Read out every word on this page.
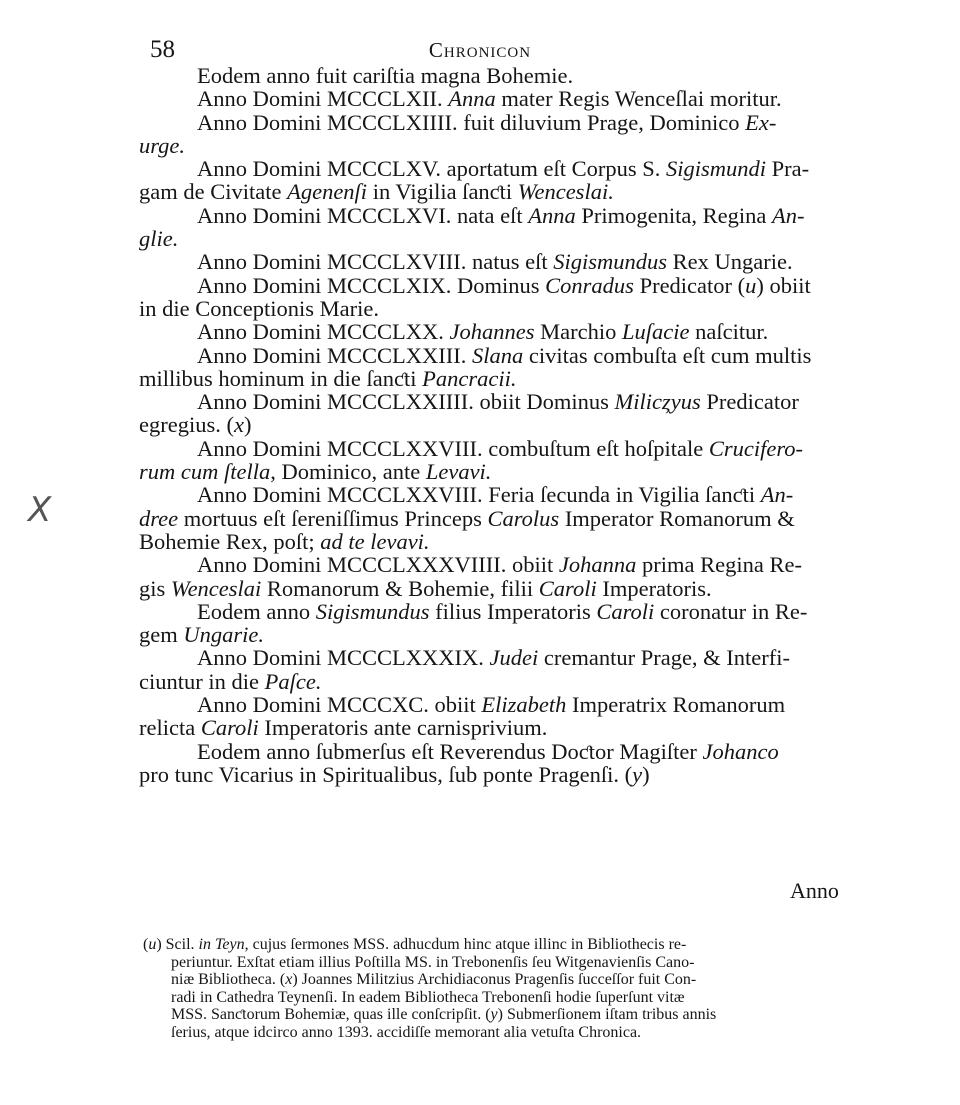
58	Chronicon
X
Eodem anno fuit cariſtia magna Bohemie.
Anno Domini MCCCLXII. Anna mater Regis Wenceſlai moritur.
Anno Domini MCCCLXIIII. fuit diluvium Prage, Dominico Ex-
urge.
Anno Domini MCCCLXV. aportatum eſt Corpus S. Sigismundi Pra-
gam de Civitate Agenenſi in Vigilia ſanƈti Wenceslai.
Anno Domini MCCCLXVI. nata eſt Anna Primogenita, Regina An-
glie.
Anno Domini MCCCLXVIII. natus eſt Sigismundus Rex Ungarie.
Anno Domini MCCCLXIX. Dominus Conradus Predicator (u) obiit
in die Conceptionis Marie.
Anno Domini MCCCLXX. Johannes Marchio Luſacie naſcitur.
Anno Domini MCCCLXXIII. Slana civitas combuſta eſt cum multis
millibus hominum in die ſanƈti Pancracii.
Anno Domini MCCCLXXIIII. obiit Dominus Milicȥyus Predicator
egregius. (x)
Anno Domini MCCCLXXVIII. combuſtum eſt hoſpitale Crucifero-
rum cum ſtella, Dominico, ante Levavi.
Anno Domini MCCCLXXVIII. Feria ſecunda in Vigilia ſanƈti An-
dree mortuus eſt ſereniſſimus Princeps Carolus Imperator Romanorum &
Bohemie Rex, poſt; ad te levavi.
Anno Domini MCCCLXXXVIIII. obiit Johanna prima Regina Re-
gis Wenceslai Romanorum & Bohemie, filii Caroli Imperatoris.
Eodem anno Sigismundus filius Imperatoris Caroli coronatur in Re-
gem Ungarie.
Anno Domini MCCCLXXXIX. Judei cremantur Prage, & Interfi-
ciuntur in die Paſce.
Anno Domini MCCCXC. obiit Elizabeth Imperatrix Romanorum
relicta Caroli Imperatoris ante carnisprivium.
Eodem anno ſubmerſus eſt Reverendus Doƈtor Magiſter Johanco
pro tunc Vicarius in Spiritualibus, ſub ponte Pragenſi. (y)
Anno
(u) Scil. in Teyn, cujus ſermones MSS. adhucdum hinc atque illinc in Bibliothecis re-
periuntur. Exſtat etiam illius Poſtilla MS. in Trebonenſis ſeu Witgenavienſis Cano-
niæ Bibliotheca. (x) Joannes Militzius Archidiaconus Pragenſis ſucceſſor fuit Con-
radi in Cathedra Teynenſi. In eadem Bibliotheca Trebonenſi hodie ſuperſunt vitæ
MSS. Sanƈtorum Bohemiæ, quas ille conſcripſit. (y) Submerſionem iſtam tribus annis
ſerius, atque idcirco anno 1393. accidiſſe memorant alia vetuſta Chronica.
